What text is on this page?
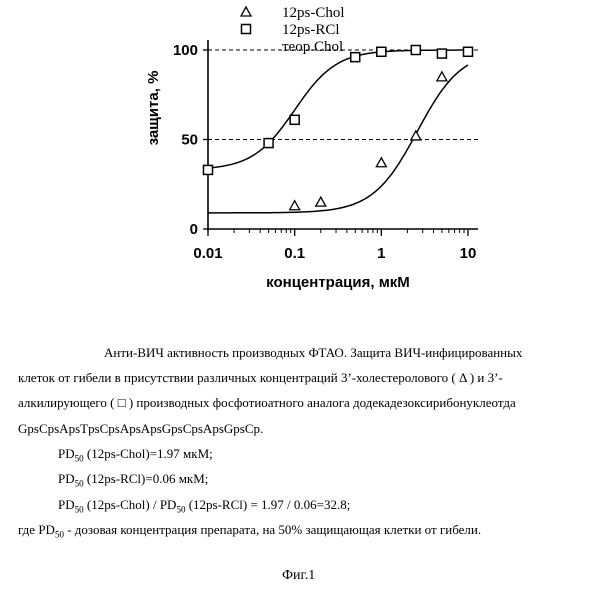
0
50
100
0.01	0.1	1	10
12ps-Chol
12ps-RCl
теор.Chol
защита, %
концентрация, мкМ
Анти-ВИЧ активность производных ФТАО. Защита ВИЧ-инфицированных
клеток от гибели в присутствии различных концентраций 3’-холестеролового ( Δ ) и 3’-
алкилирующего ( □ ) производных фосфотиоатного аналога додекадезоксирибонуклеотда
GpsCpsApsTpsCpsApsApsGpsCpsApsGpsCp.
$PD_{50}$ (12ps-Chol)=1.97 мкМ;
$PD_{50}$ (12ps-RCl)=0.06 мкМ;
$PD_{50}$ (12ps-Chol) / $PD_{50}$ (12ps-RCl) = 1.97 / 0.06=32.8;
где $PD_{50}$ - дозовая концентрация препарата, на 50% защищающая клетки от гибели.
Фиг.1
